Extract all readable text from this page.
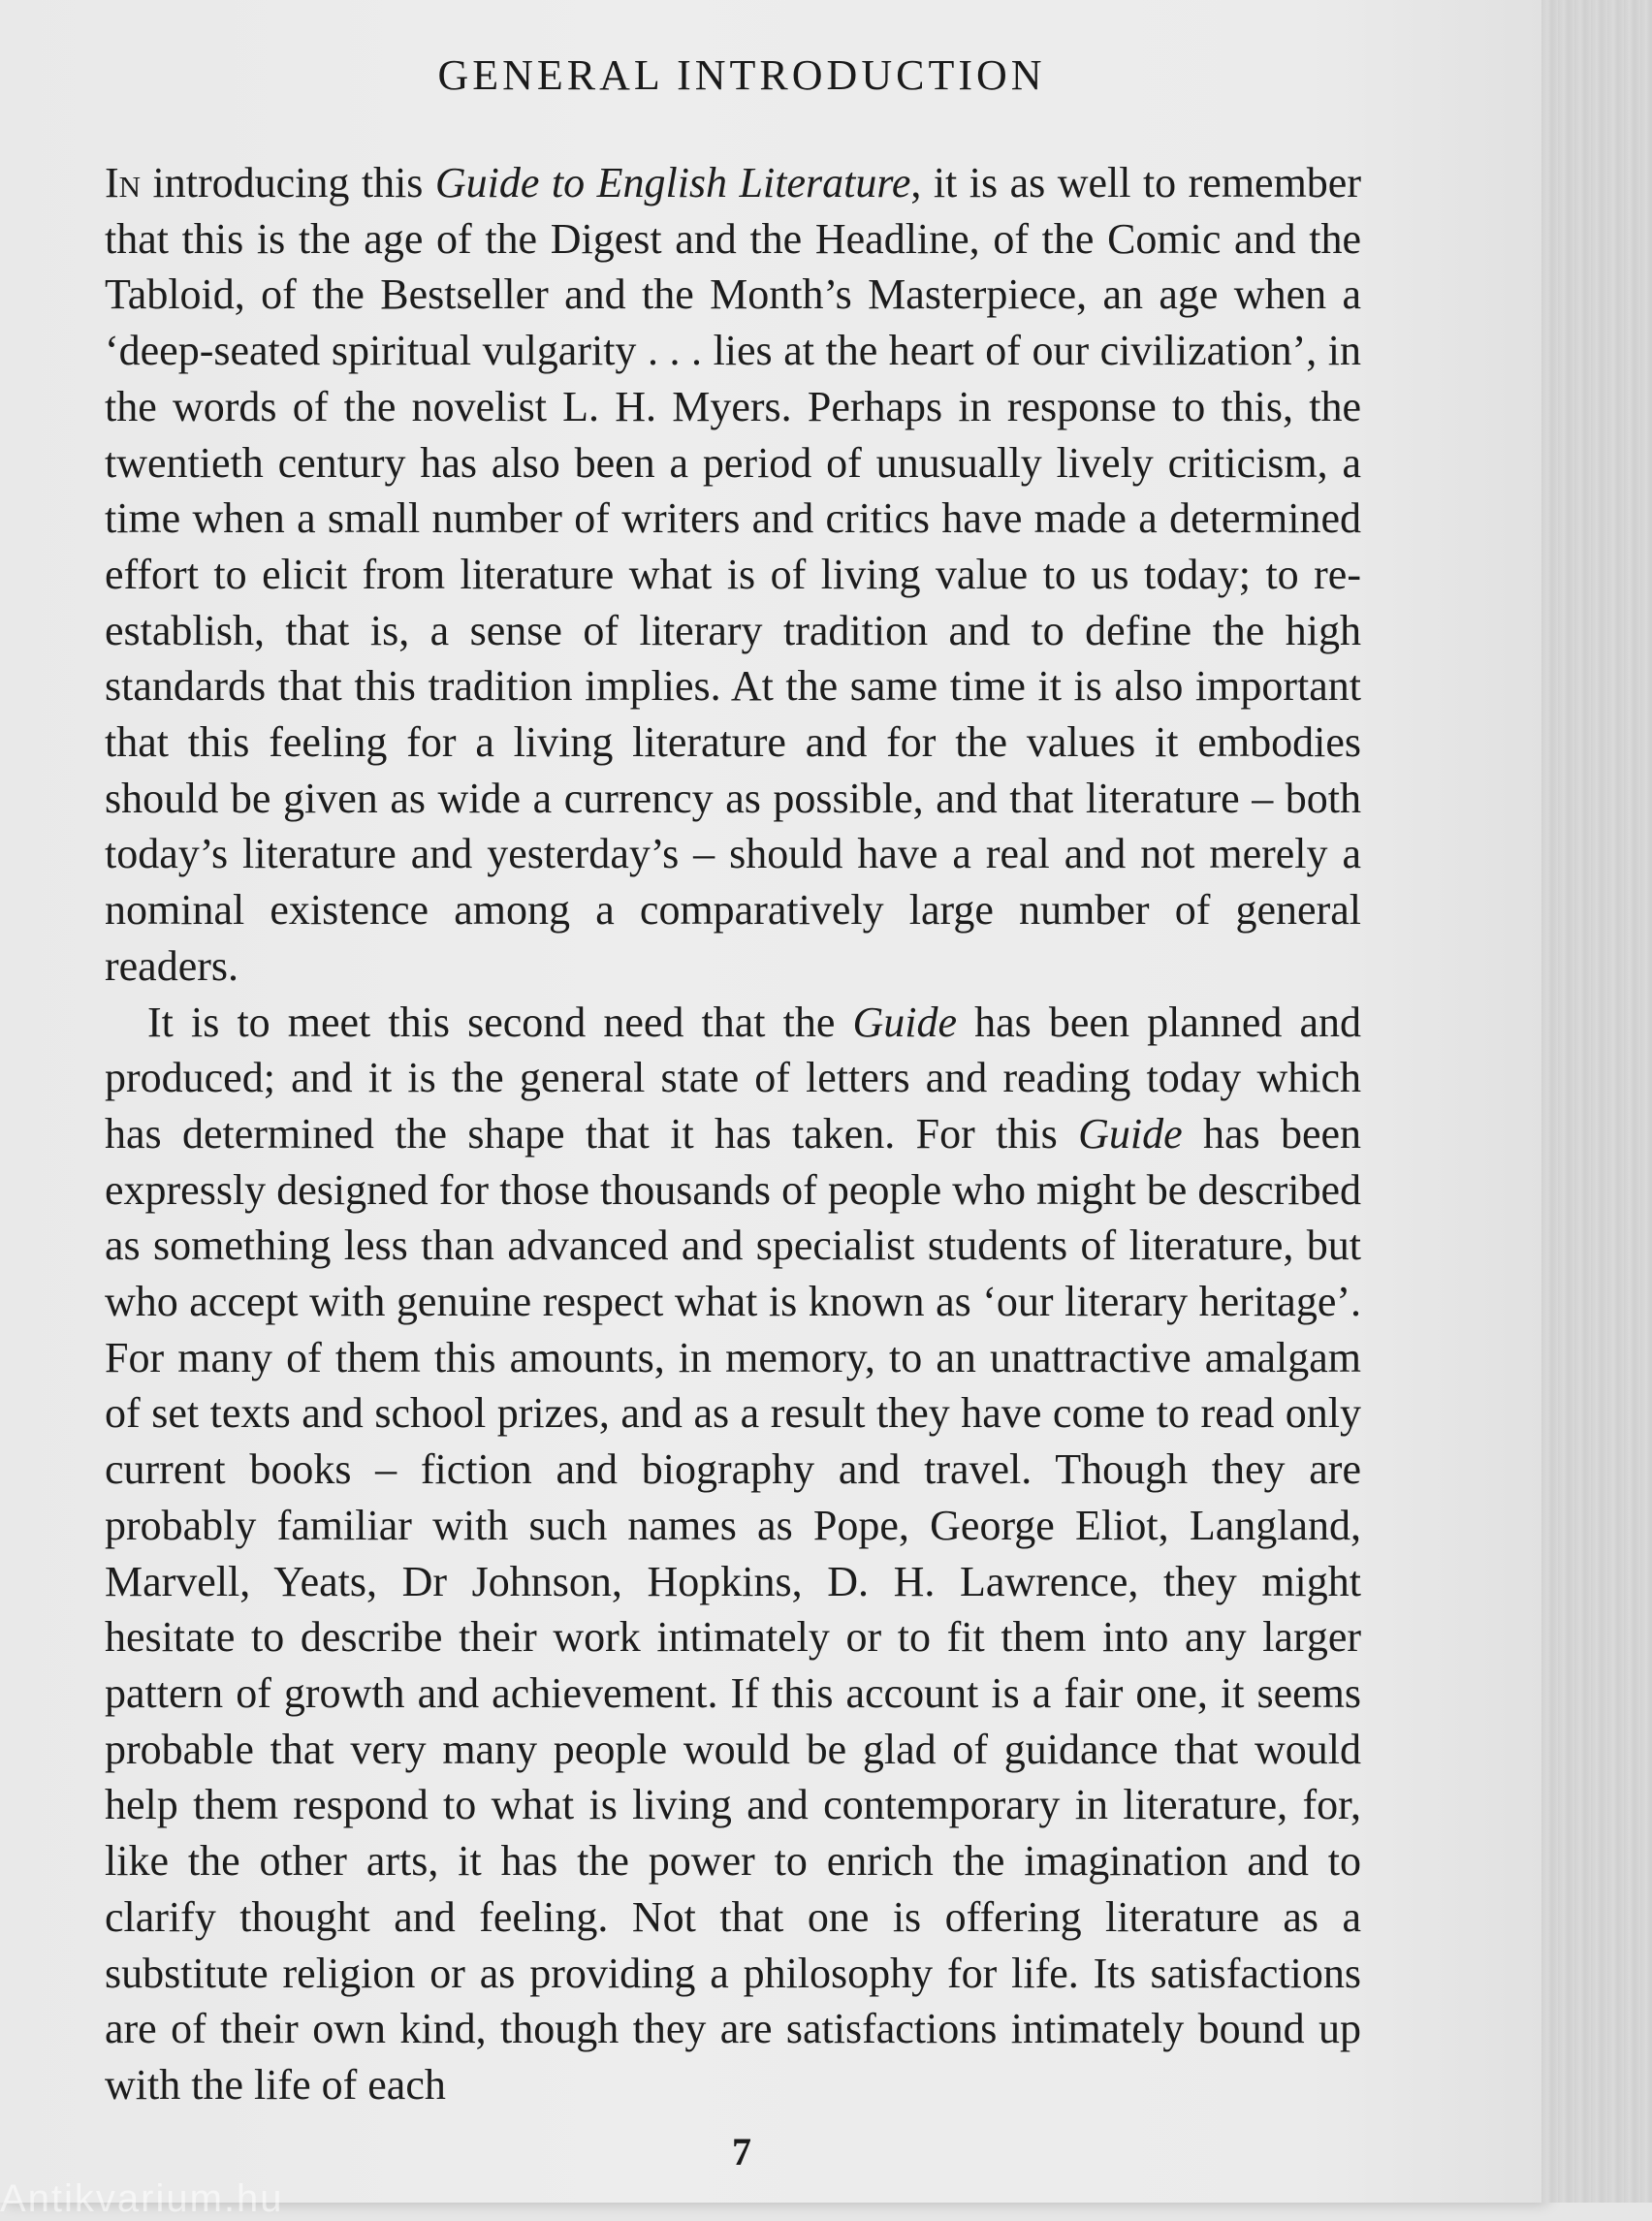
GENERAL INTRODUCTION

In introducing this Guide to English Literature, it is as well to remember that this is the age of the Digest and the Headline, of the Comic and the Tabloid, of the Bestseller and the Month’s Masterpiece, an age when a ‘deep-seated spiritual vulgarity . . . lies at the heart of our civilization’, in the words of the novelist L. H. Myers. Perhaps in response to this, the twentieth century has also been a period of unusually lively criticism, a time when a small number of writers and critics have made a determined effort to elicit from literature what is of living value to us today; to re-establish, that is, a sense of literary tradition and to define the high standards that this tradition implies. At the same time it is also important that this feeling for a living literature and for the values it embodies should be given as wide a currency as possible, and that literature – both today’s literature and yesterday’s – should have a real and not merely a nominal existence among a comparatively large number of general readers.

It is to meet this second need that the Guide has been planned and produced; and it is the general state of letters and reading today which has determined the shape that it has taken. For this Guide has been expressly designed for those thousands of people who might be described as something less than advanced and specialist students of literature, but who accept with genuine respect what is known as ‘our literary heritage’. For many of them this amounts, in memory, to an unattractive amalgam of set texts and school prizes, and as a result they have come to read only current books – fiction and biography and travel. Though they are probably familiar with such names as Pope, George Eliot, Langland, Marvell, Yeats, Dr Johnson, Hopkins, D. H. Lawrence, they might hesitate to describe their work intimately or to fit them into any larger pattern of growth and achievement. If this account is a fair one, it seems probable that very many people would be glad of guidance that would help them respond to what is living and contemporary in literature, for, like the other arts, it has the power to enrich the imagination and to clarify thought and feeling. Not that one is offering literature as a substitute religion or as providing a philosophy for life. Its satisfactions are of their own kind, though they are satisfactions intimately bound up with the life of each

7
Antikvarium.hu
